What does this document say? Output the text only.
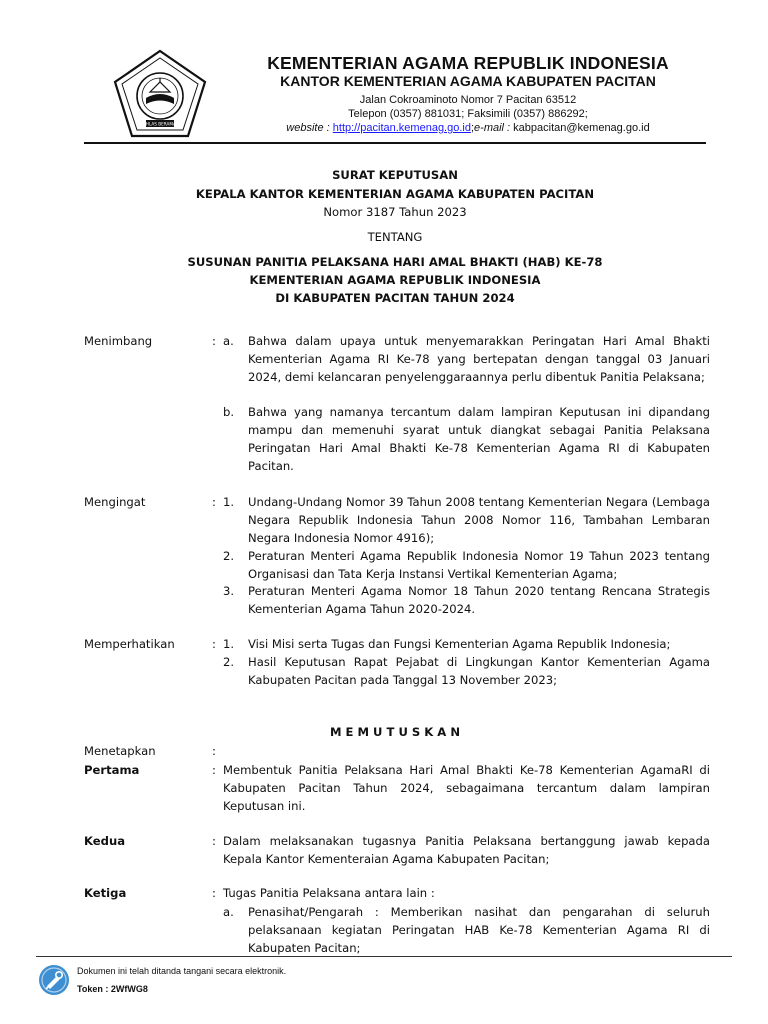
IKHLAS BERAMAL
KEMENTERIAN AGAMA REPUBLIK INDONESIA
KANTOR KEMENTERIAN AGAMA KABUPATEN PACITAN
Jalan Cokroaminoto Nomor 7 Pacitan 63512
Telepon (0357) 881031; Faksimili (0357) 886292;
website : http://pacitan.kemenag.go.id;e-mail : kabpacitan@kemenag.go.id
SURAT KEPUTUSAN
KEPALA KANTOR KEMENTERIAN AGAMA KABUPATEN PACITAN
Nomor 3187 Tahun 2023
TENTANG
SUSUNAN PANITIA PELAKSANA HARI AMAL BHAKTI (HAB) KE-78
KEMENTERIAN AGAMA REPUBLIK INDONESIA
DI KABUPATEN PACITAN TAHUN 2024
Menimbang	: a. Bahwa dalam upaya untuk menyemarakkan Peringatan Hari Amal Bhakti Kementerian Agama RI Ke-78 yang bertepatan dengan tanggal 03 Januari 2024, demi kelancaran penyelenggaraannya perlu dibentuk Panitia Pelaksana;
b. Bahwa yang namanya tercantum dalam lampiran Keputusan ini dipandang mampu dan memenuhi syarat untuk diangkat sebagai Panitia Pelaksana Peringatan Hari Amal Bhakti Ke-78 Kementerian Agama RI di Kabupaten Pacitan.
Mengingat	: 1. Undang-Undang Nomor 39 Tahun 2008 tentang Kementerian Negara (Lembaga Negara Republik Indonesia Tahun 2008 Nomor 116, Tambahan Lembaran Negara Indonesia Nomor 4916);
2. Peraturan Menteri Agama Republik Indonesia Nomor 19 Tahun 2023 tentang Organisasi dan Tata Kerja Instansi Vertikal Kementerian Agama;
3. Peraturan Menteri Agama Nomor 18 Tahun 2020 tentang Rencana Strategis Kementerian Agama Tahun 2020-2024.
Memperhatikan	: 1. Visi Misi serta Tugas dan Fungsi Kementerian Agama Republik Indonesia;
2. Hasil Keputusan Rapat Pejabat di Lingkungan Kantor Kementerian Agama Kabupaten Pacitan pada Tanggal 13 November 2023;
M E M U T U S K A N
Menetapkan	:
Pertama	: Membentuk Panitia Pelaksana Hari Amal Bhakti Ke-78 Kementerian AgamaRI di Kabupaten Pacitan Tahun 2024, sebagaimana tercantum dalam lampiran Keputusan ini.
Kedua	: Dalam melaksanakan tugasnya Panitia Pelaksana bertanggung jawab kepada Kepala Kantor Kementeraian Agama Kabupaten Pacitan;
Ketiga	: Tugas Panitia Pelaksana antara lain :
a. Penasihat/Pengarah : Memberikan nasihat dan pengarahan di seluruh pelaksanaan kegiatan Peringatan HAB Ke-78 Kementerian Agama RI di Kabupaten Pacitan;
Dokumen ini telah ditanda tangani secara elektronik.
Token : 2WfWG8
